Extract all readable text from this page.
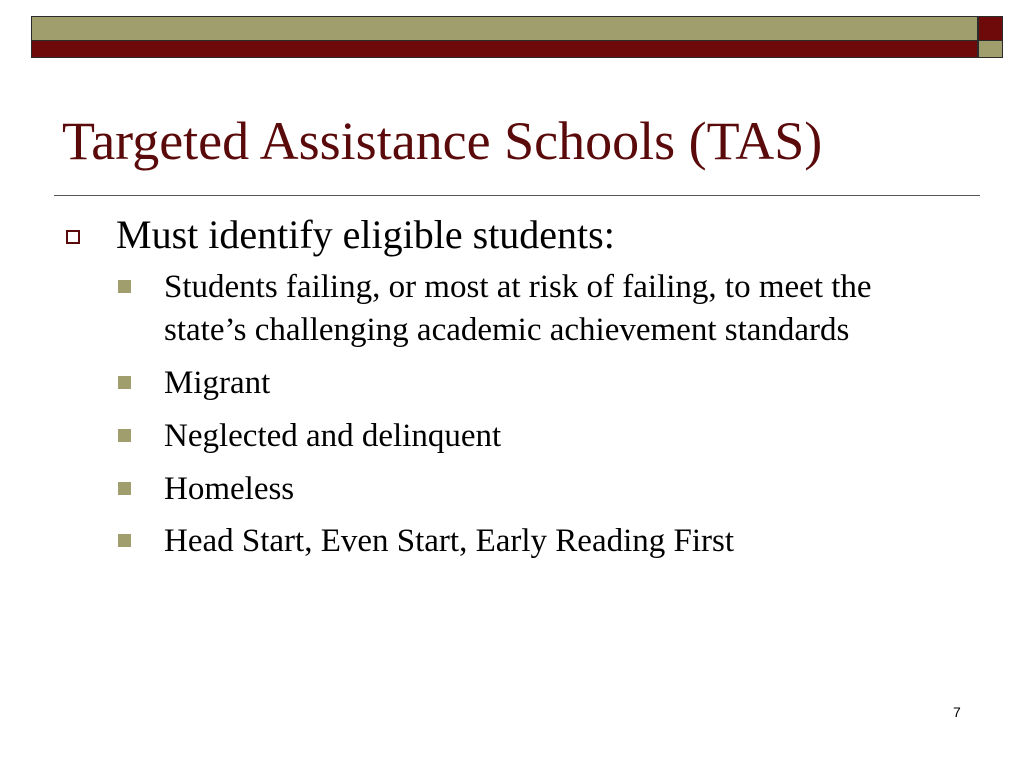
Targeted Assistance Schools (TAS)
Must identify eligible students:
Students failing, or most at risk of failing, to meet the state’s challenging academic achievement standards
Migrant
Neglected and delinquent
Homeless
Head Start, Even Start, Early Reading First
7
